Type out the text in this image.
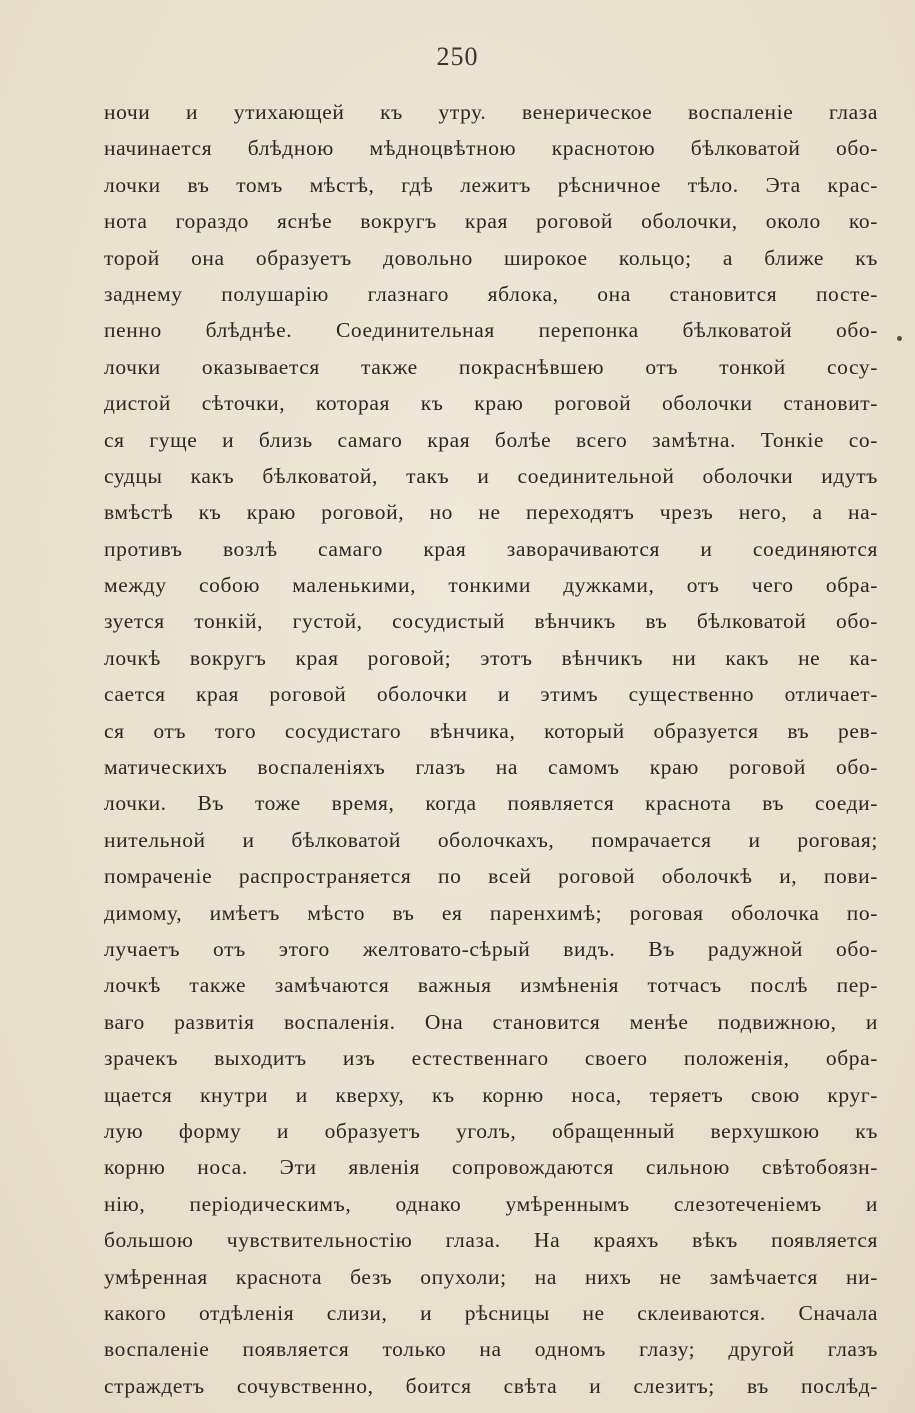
250
ночи и утихающей къ утру. венерическое воспаленіе глаза
начинается блѣдною мѣдноцвѣтною краснотою бѣлковатой обо-
лочки въ томъ мѣстѣ, гдѣ лежитъ рѣсничное тѣло. Эта крас-
нота гораздо яснѣе вокругъ края роговой оболочки, около ко-
торой она образуетъ довольно широкое кольцо; а ближе къ
заднему полушарію глазнаго яблока, она становится посте-
пенно блѣднѣе. Соединительная перепонка бѣлковатой обо-
лочки оказывается также покраснѣвшею отъ тонкой сосу-
дистой сѣточки, которая къ краю роговой оболочки становит-
ся гуще и близь самаго края болѣе всего замѣтна. Тонкіе со-
судцы какъ бѣлковатой, такъ и соединительной оболочки идутъ
вмѣстѣ къ краю роговой, но не переходятъ чрезъ него, а на-
противъ возлѣ самаго края заворачиваются и соединяются
между собою маленькими, тонкими дужками, отъ чего обра-
зуется тонкій, густой, сосудистый вѣнчикъ въ бѣлковатой обо-
лочкѣ вокругъ края роговой; этотъ вѣнчикъ ни какъ не ка-
сается края роговой оболочки и этимъ существенно отличает-
ся отъ того сосудистаго вѣнчика, который образуется въ рев-
матическихъ воспаленіяхъ глазъ на самомъ краю роговой обо-
лочки. Въ тоже время, когда появляется краснота въ соеди-
нительной и бѣлковатой оболочкахъ, помрачается и роговая;
помраченіе распространяется по всей роговой оболочкѣ и, пови-
димому, имѣетъ мѣсто въ ея паренхимѣ; роговая оболочка по-
лучаетъ отъ этого желтовато-сѣрый видъ. Въ радужной обо-
лочкѣ также замѣчаются важныя измѣненія тотчасъ послѣ пер-
ваго развитія воспаленія. Она становится менѣе подвижною, и
зрачекъ выходитъ изъ естественнаго своего положенія, обра-
щается кнутри и кверху, къ корню носа, теряетъ свою круг-
лую форму и образуетъ уголъ, обращенный верхушкою къ
корню носа. Эти явленія сопровождаются сильною свѣтобоязн-
нію, періодическимъ, однако умѣреннымъ слезотеченіемъ и
большою чувствительностію глаза. На краяхъ вѣкъ появляется
умѣренная краснота безъ опухоли; на нихъ не замѣчается ни-
какого отдѣленія слизи, и рѣсницы не склеиваются. Сначала
воспаленіе появляется только на одномъ глазу; другой глазъ
страждетъ сочувственно, боится свѣта и слезитъ; въ послѣд-
